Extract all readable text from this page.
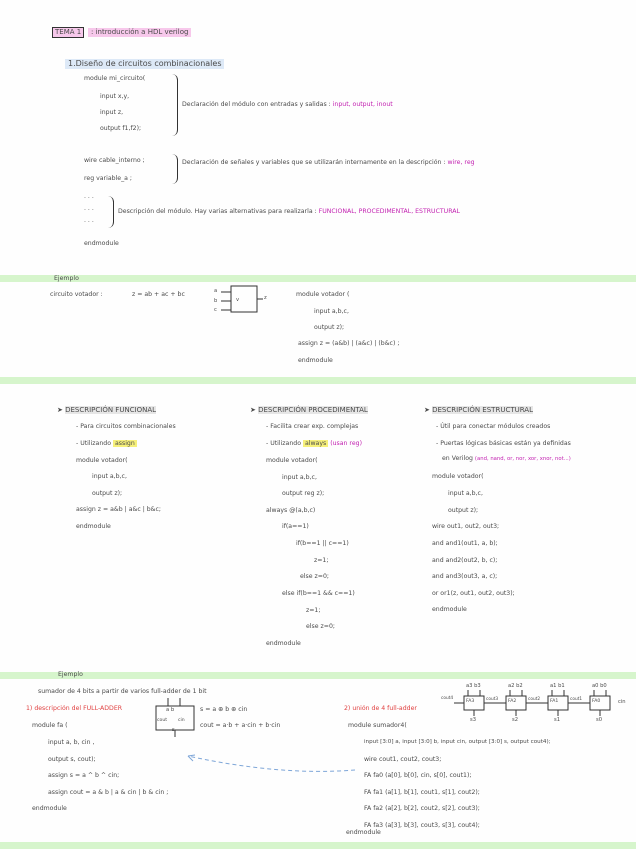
TEMA 1	: introducción a HDL verilog
1.Diseño de circuitos combinacionales
module mi_circuito(
input x,y,
input z,
output f1,f2);
Declaración del módulo con entradas y salidas : input, output, inout
wire cable_interno ;
reg variable_a ;
Declaración de señales y variables que se utilizarán internamente en la descripción : wire, reg
· · ·
· · ·
· · ·
Descripción del módulo. Hay varias alternativas para realizarla : FUNCIONAL, PROCEDIMENTAL, ESTRUCTURAL
endmodule
Ejemplo
circuito votador :	z = ab + ac + bc	a
b
c
v	z	module votador (
input a,b,c,
output z);
assign z = (a&b) | (a&c) | (b&c) ;
endmodule
➤ DESCRIPCIÓN FUNCIONAL
- Para circuitos combinacionales
- Utilizando assign
module votador(
input a,b,c,
output z);
assign z = a&b | a&c | b&c;
endmodule
➤ DESCRIPCIÓN PROCEDIMENTAL
- Facilita crear exp. complejas
- Utilizando always (usan reg)
module votador(
input a,b,c,
output reg z);
always @(a,b,c)
if(a==1)
if(b==1 || c==1)
z=1;
else z=0;
else if(b==1 && c==1)
z=1;
else z=0;
endmodule
➤ DESCRIPCIÓN ESTRUCTURAL
- Útil para conectar módulos creados
- Puertas lógicas básicas están ya definidas
en Verilog (and, nand, or, nor, xor, xnor, not...)
module votador(
input a,b,c,
output z);
wire out1, out2, out3;
and and1(out1, a, b);
and and2(out2, b, c);
and and3(out3, a, c);
or or1(z, out1, out2, out3);
endmodule
Ejemplo
sumador de 4 bits a partir de varios full-adder de 1 bit
1) descripción del FULL-ADDER	a b
cout cin
s
s = a ⊕ b ⊕ cin
cout = a·b + a·cin + b·cin
module fa (
input a, b, cin ,
output s, cout);
assign s = a ^ b ^ cin;
assign cout = a & b | a & cin | b & cin ;
endmodule
2) unión de 4 full-adder
a3 b3	a2 b2	a1 b1	a0 b0
FA3	FA2	FA1	FA0
cout4	cout3	cout2	cout1	cin
s3	s2	s1	s0
module sumador4(
input [3:0] a, input [3:0] b, input cin, output [3:0] s, output cout4);
wire cout1, cout2, cout3;
FA fa0 (a[0], b[0], cin, s[0], cout1);
FA fa1 (a[1], b[1], cout1, s[1], cout2);
FA fa2 (a[2], b[2], cout2, s[2], cout3);
FA fa3 (a[3], b[3], cout3, s[3], cout4);
endmodule
